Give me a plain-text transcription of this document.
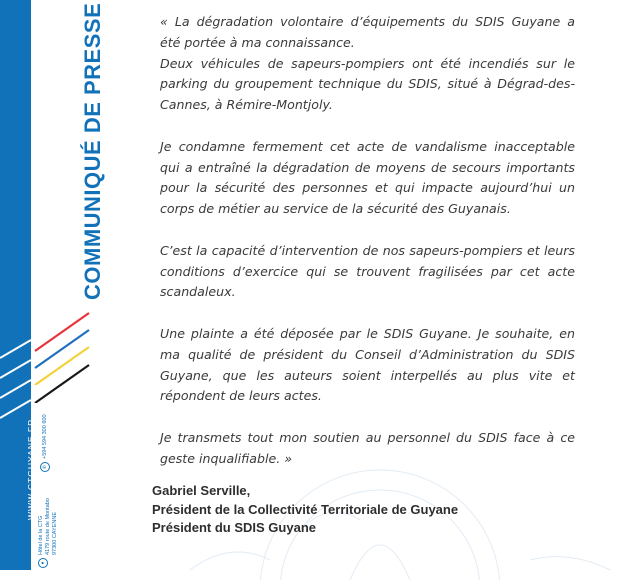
COMMUNIQUÉ DE PRESSE
WWW.CTGUYANE.FR	✆
+594 594 300 600
●
Hôtel de la CTG 4179 route de Montabo 97300 CAYENNE

« La dégradation volontaire d’équipements du SDIS Guyane a été portée à ma connaissance.

Deux véhicules de sapeurs-pompiers ont été incendiés sur le parking du groupement technique du SDIS, situé à Dégrad-des-Cannes, à Rémire-Montjoly.

Je condamne fermement cet acte de vandalisme inacceptable qui a entraîné la dégradation de moyens de secours importants pour la sécurité des personnes et qui impacte aujourd’hui un corps de métier au service de la sécurité des Guyanais.

C’est la capacité d’intervention de nos sapeurs-pompiers et leurs conditions d’exercice qui se trouvent fragilisées par cet acte scandaleux.

Une plainte a été déposée par le SDIS Guyane. Je souhaite, en ma qualité de président du Conseil d’Administration du SDIS Guyane, que les auteurs soient interpellés au plus vite et répondent de leurs actes.

Je transmets tout mon soutien au personnel du SDIS face à ce geste inqualifiable. »

Gabriel Serville,
Président de la Collectivité Territoriale de Guyane
Président du SDIS Guyane
